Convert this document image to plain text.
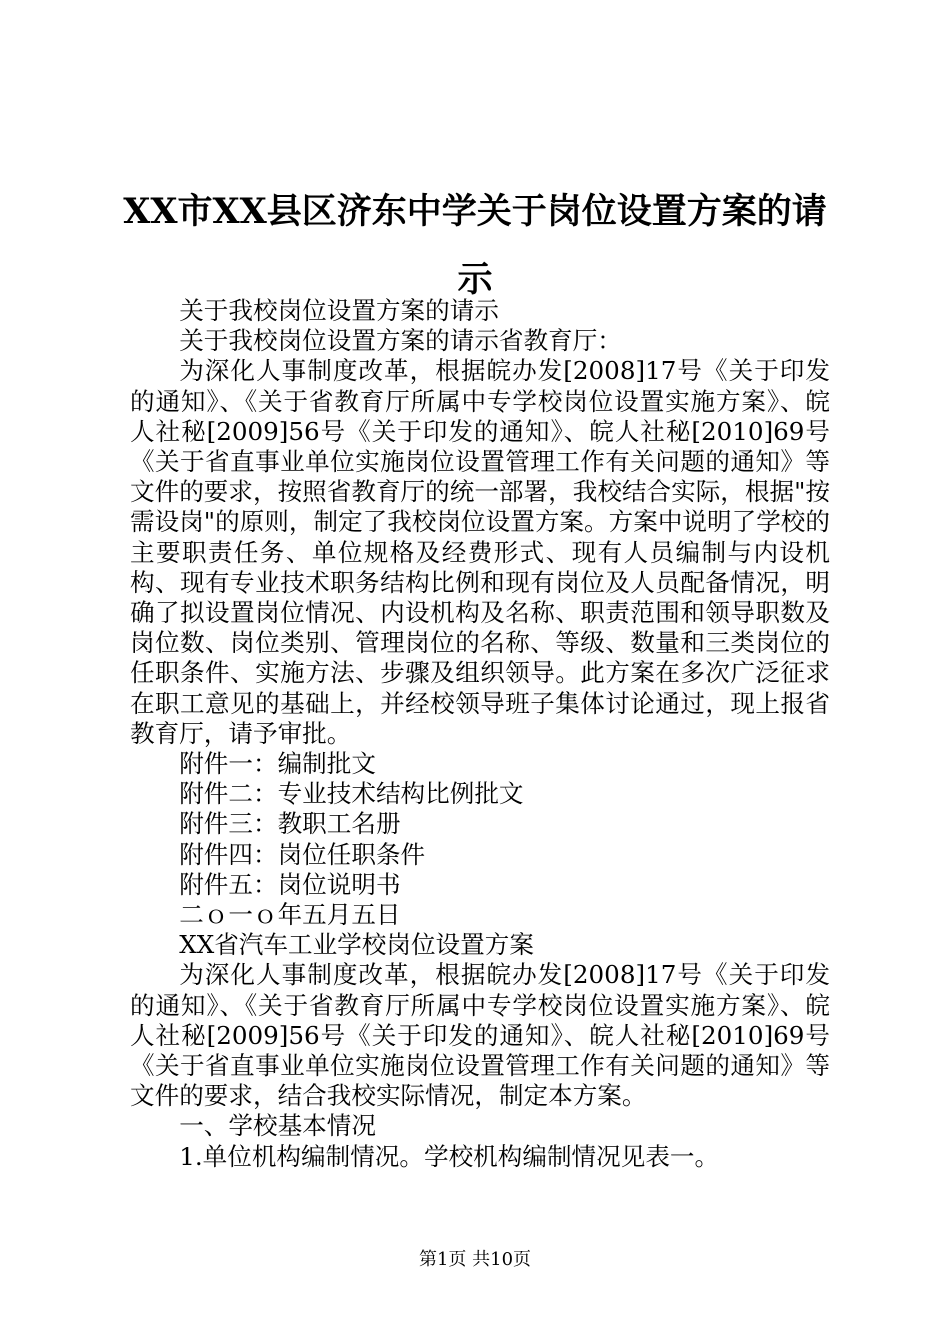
XX市XX县区济东中学关于岗位设置方案的请示

关于我校岗位设置方案的请示

关于我校岗位设置方案的请示省教育厅：

为深化人事制度改革，根据皖办发[2008]17号《关于印发的通知》、《关于省教育厅所属中专学校岗位设置实施方案》、皖人社秘[2009]56号《关于印发的通知》、皖人社秘[2010]69号《关于省直事业单位实施岗位设置管理工作有关问题的通知》等文件的要求，按照省教育厅的统一部署，我校结合实际，根据"按需设岗"的原则，制定了我校岗位设置方案。方案中说明了学校的主要职责任务、单位规格及经费形式、现有人员编制与内设机构、现有专业技术职务结构比例和现有岗位及人员配备情况，明确了拟设置岗位情况、内设机构及名称、职责范围和领导职数及岗位数、岗位类别、管理岗位的名称、等级、数量和三类岗位的任职条件、实施方法、步骤及组织领导。此方案在多次广泛征求在职工意见的基础上，并经校领导班子集体讨论通过，现上报省教育厅，请予审批。

附件一：编制批文

附件二：专业技术结构比例批文

附件三：教职工名册

附件四：岗位任职条件

附件五：岗位说明书

二ｏ一ｏ年五月五日

XX省汽车工业学校岗位设置方案

为深化人事制度改革，根据皖办发[2008]17号《关于印发的通知》、《关于省教育厅所属中专学校岗位设置实施方案》、皖人社秘[2009]56号《关于印发的通知》、皖人社秘[2010]69号《关于省直事业单位实施岗位设置管理工作有关问题的通知》等文件的要求，结合我校实际情况，制定本方案。

一、学校基本情况

1.单位机构编制情况。学校机构编制情况见表一。

第1页 共10页
